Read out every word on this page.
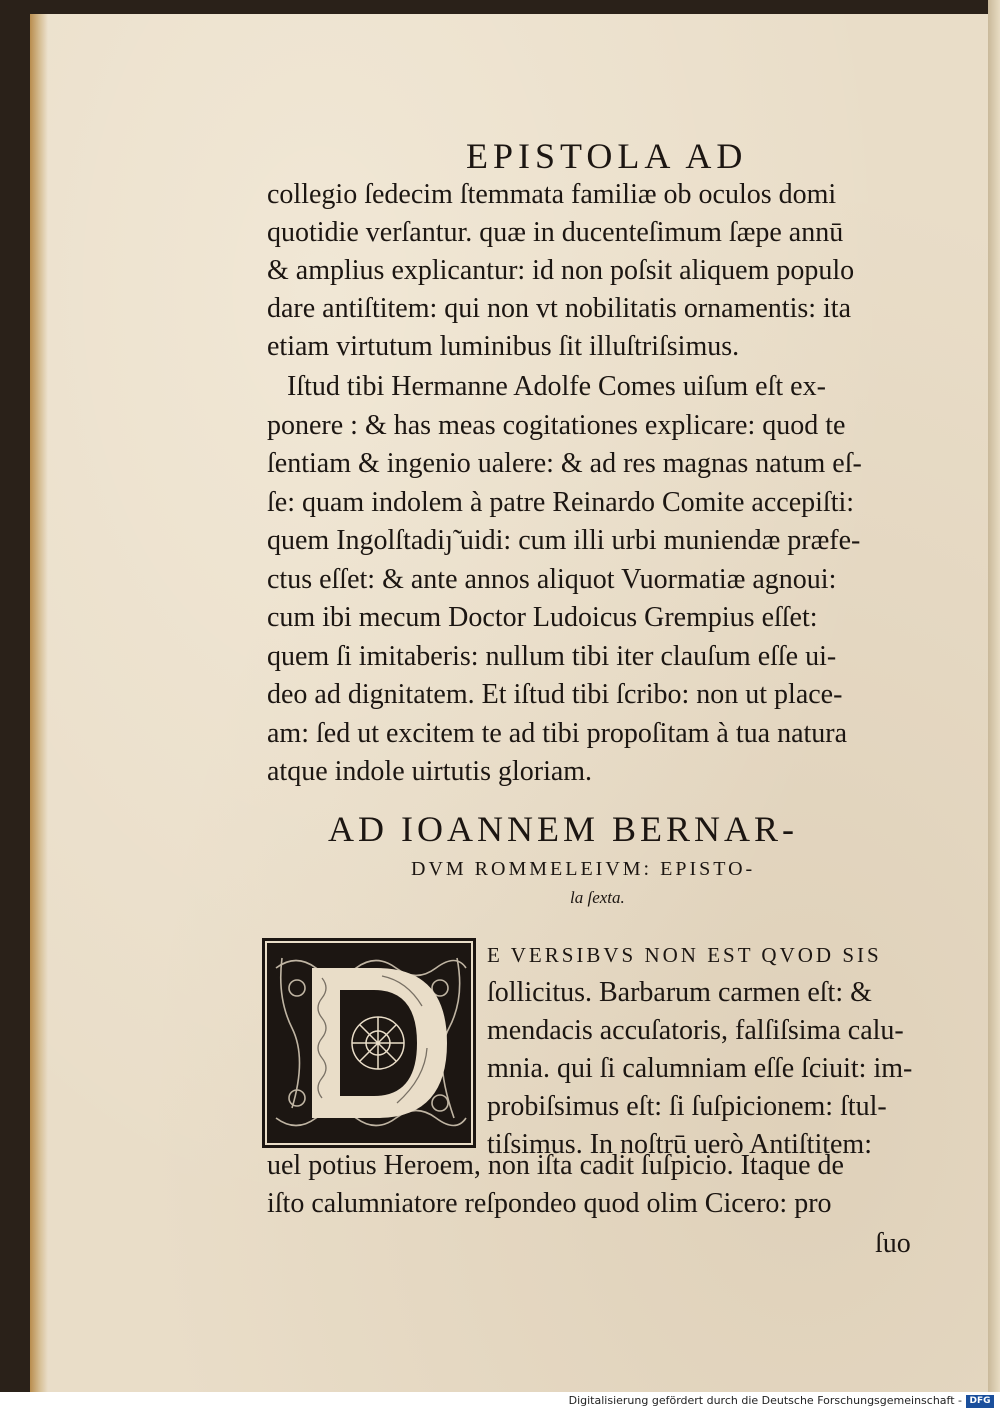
EPISTOLA AD
collegio ſedecim ſtemmata familiæ ob oculos domi
quotidie verſantur. quæ in ducenteſimum ſæpe annū
& amplius explicantur: id non poſsit aliquem populo
dare antiſtitem: qui non vt nobilitatis ornamentis: ita
etiam virtutum luminibus ſit illuſtriſsimus.
Iſtud tibi Hermanne Adolfe Comes uiſum eſt ex-
ponere : & has meas cogitationes explicare: quod te
ſentiam & ingenio ualere: & ad res magnas natum eſ-
ſe: quam indolem à patre Reinardo Comite accepiſti:
quem Ingolſtadiȷ̃ uidi: cum illi urbi muniendæ præfe-
ctus eſſet: & ante annos aliquot Vuormatiæ agnoui:
cum ibi mecum Doctor Ludoicus Grempius eſſet:
quem ſi imitaberis: nullum tibi iter clauſum eſſe ui-
deo ad dignitatem. Et iſtud tibi ſcribo: non ut place-
am: ſed ut excitem te ad tibi propoſitam à tua natura
atque indole uirtutis gloriam.
AD IOANNEM BERNAR-
DVM ROMMELEIVM: EPISTO-
la ſexta.
E VERSIBVS NON EST QVOD SIS
ſollicitus. Barbarum carmen eſt: &
mendacis accuſatoris, falſiſsima calu-
mnia. qui ſi calumniam eſſe ſciuit: im-
probiſsimus eſt: ſi ſuſpicionem: ſtul-
tiſsimus. In noſtrū uerò Antiſtitem:
uel potius Heroem, non iſta cadit ſuſpicio. Itaque de
iſto calumniatore reſpondeo quod olim Cicero: pro
ſuo
Digitalisierung gefördert durch die Deutsche Forschungsgemeinschaft - DFG
